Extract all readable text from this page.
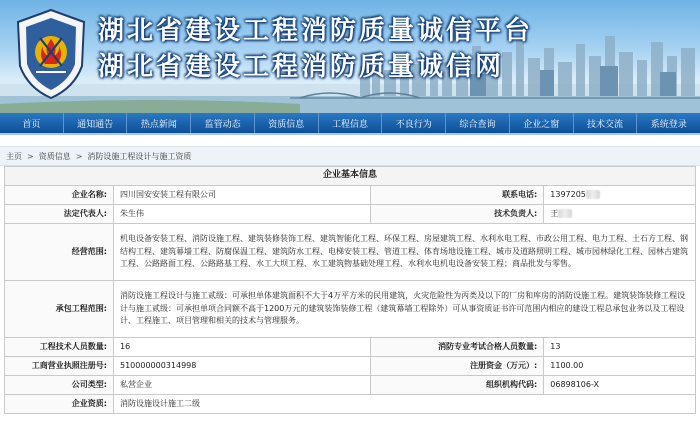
湖北省建设工程消防质量诚信平台
湖北省建设工程消防质量诚信网
首页	通知通告	热点新闻	监管动态	资质信息	工程信息	不良行为	综合查询	企业之窗	技术交流	系统登录
主页 > 资质信息 > 消防设施工程设计与施工资质
企业基本信息			
企业名称:	四川国安安装工程有限公司	联系电话:	1397205
法定代表人:	朱生伟	技术负责人:	王
经营范围:	机电设备安装工程、消防设施工程、建筑装修装饰工程、建筑智能化工程、环保工程、房屋建筑工程、水利水电工程、市政公用工程、电力工程、土石方工程、钢结构工程、建筑幕墙工程、防腐保温工程、建筑防水工程、电梯安装工程、管道工程、体育场地设施工程、城市及道路照明工程、城市园林绿化工程、园林古建筑工程、公路路面工程、公路路基工程、水工大坝工程、水工建筑物基础处理工程、水利水电机电设备安装工程；商品批发与零售。		
承包工程范围:	消防设施工程设计与施工贰级：可承担单体建筑面积不大于4万平方米的民用建筑，火灾危险性为丙类及以下的厂房和库房的消防设施工程。建筑装饰装修工程设计与施工贰级：可承担单项合同额不高于1200万元的建筑装饰装修工程（建筑幕墙工程除外）可从事资质证书许可范围内相应的建设工程总承包业务以及工程设计、工程施工、项目管理和相关的技术与管理服务。		
工程技术人员数量:	16	消防专业考试合格人员数量:	13
工商营业执照注册号:	510000000314998	注册资金（万元）:	1100.00
公司类型:	私营企业	组织机构代码:	06898106-X
企业资质:	消防设施设计施工二级		
